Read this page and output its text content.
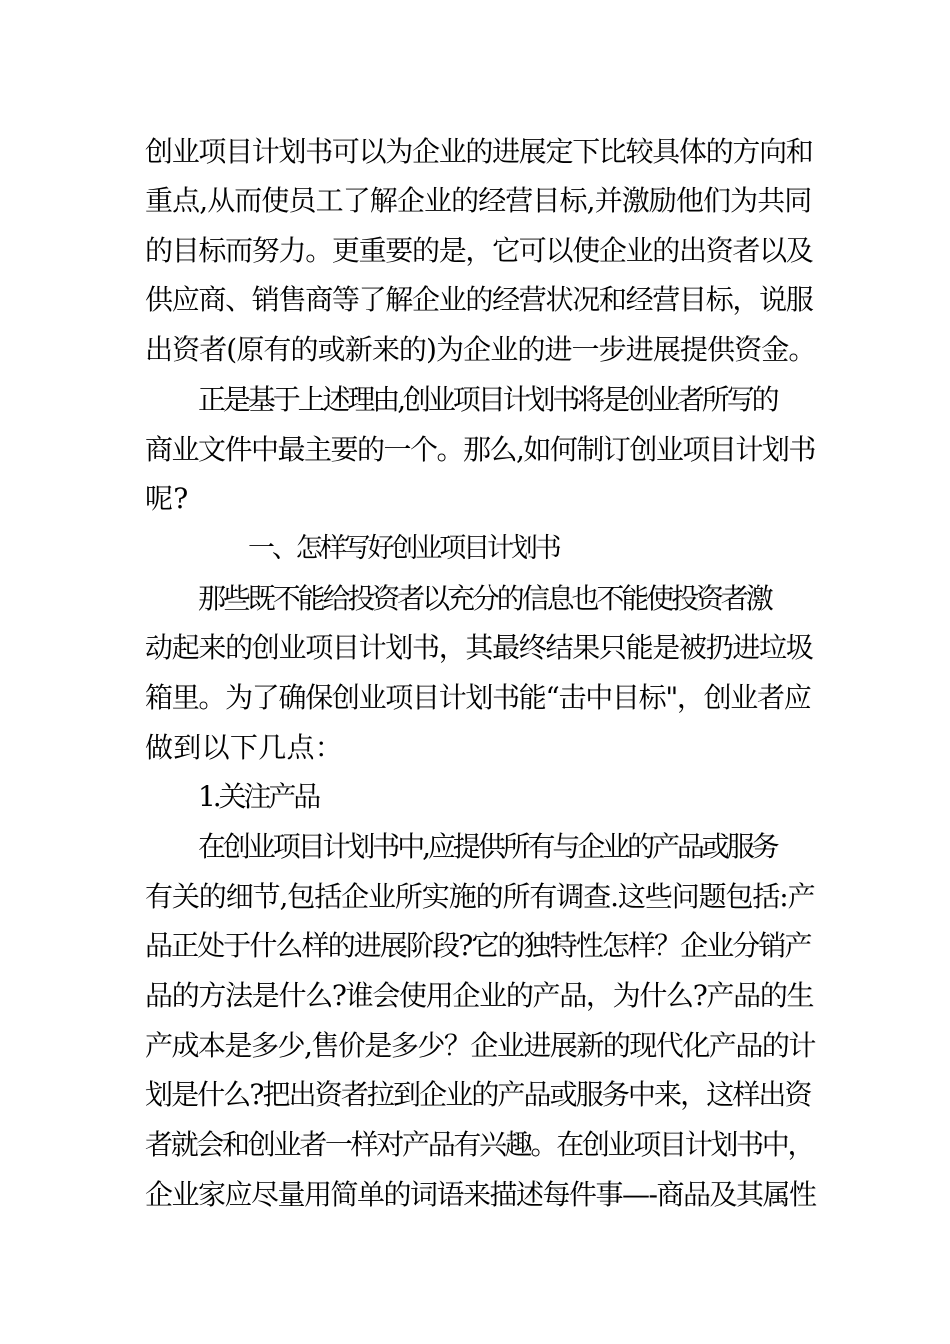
创业项目计划书可以为企业的进展定下比较具体的方向和
重点,从而使员工了解企业的经营目标,并激励他们为共同
的目标而努力。更重要的是，它可以使企业的出资者以及
供应商、销售商等了解企业的经营状况和经营目标，说服
出资者(原有的或新来的)为企业的进一步进展提供资金。
正是基于上述理由,创业项目计划书将是创业者所写的
商业文件中最主要的一个。那么,如何制订创业项目计划书
呢?
一、怎样写好创业项目计划书
那些既不能给投资者以充分的信息也不能使投资者激
动起来的创业项目计划书，其最终结果只能是被扔进垃圾
箱里。为了确保创业项目计划书能“击中目标"，创业者应
做到以下几点：
1.关注产品
在创业项目计划书中,应提供所有与企业的产品或服务
有关的细节,包括企业所实施的所有调查.这些问题包括:产
品正处于什么样的进展阶段?它的独特性怎样？企业分销产
品的方法是什么?谁会使用企业的产品，为什么?产品的生
产成本是多少,售价是多少？企业进展新的现代化产品的计
划是什么?把出资者拉到企业的产品或服务中来，这样出资
者就会和创业者一样对产品有兴趣。在创业项目计划书中，
企业家应尽量用简单的词语来描述每件事—-商品及其属性
